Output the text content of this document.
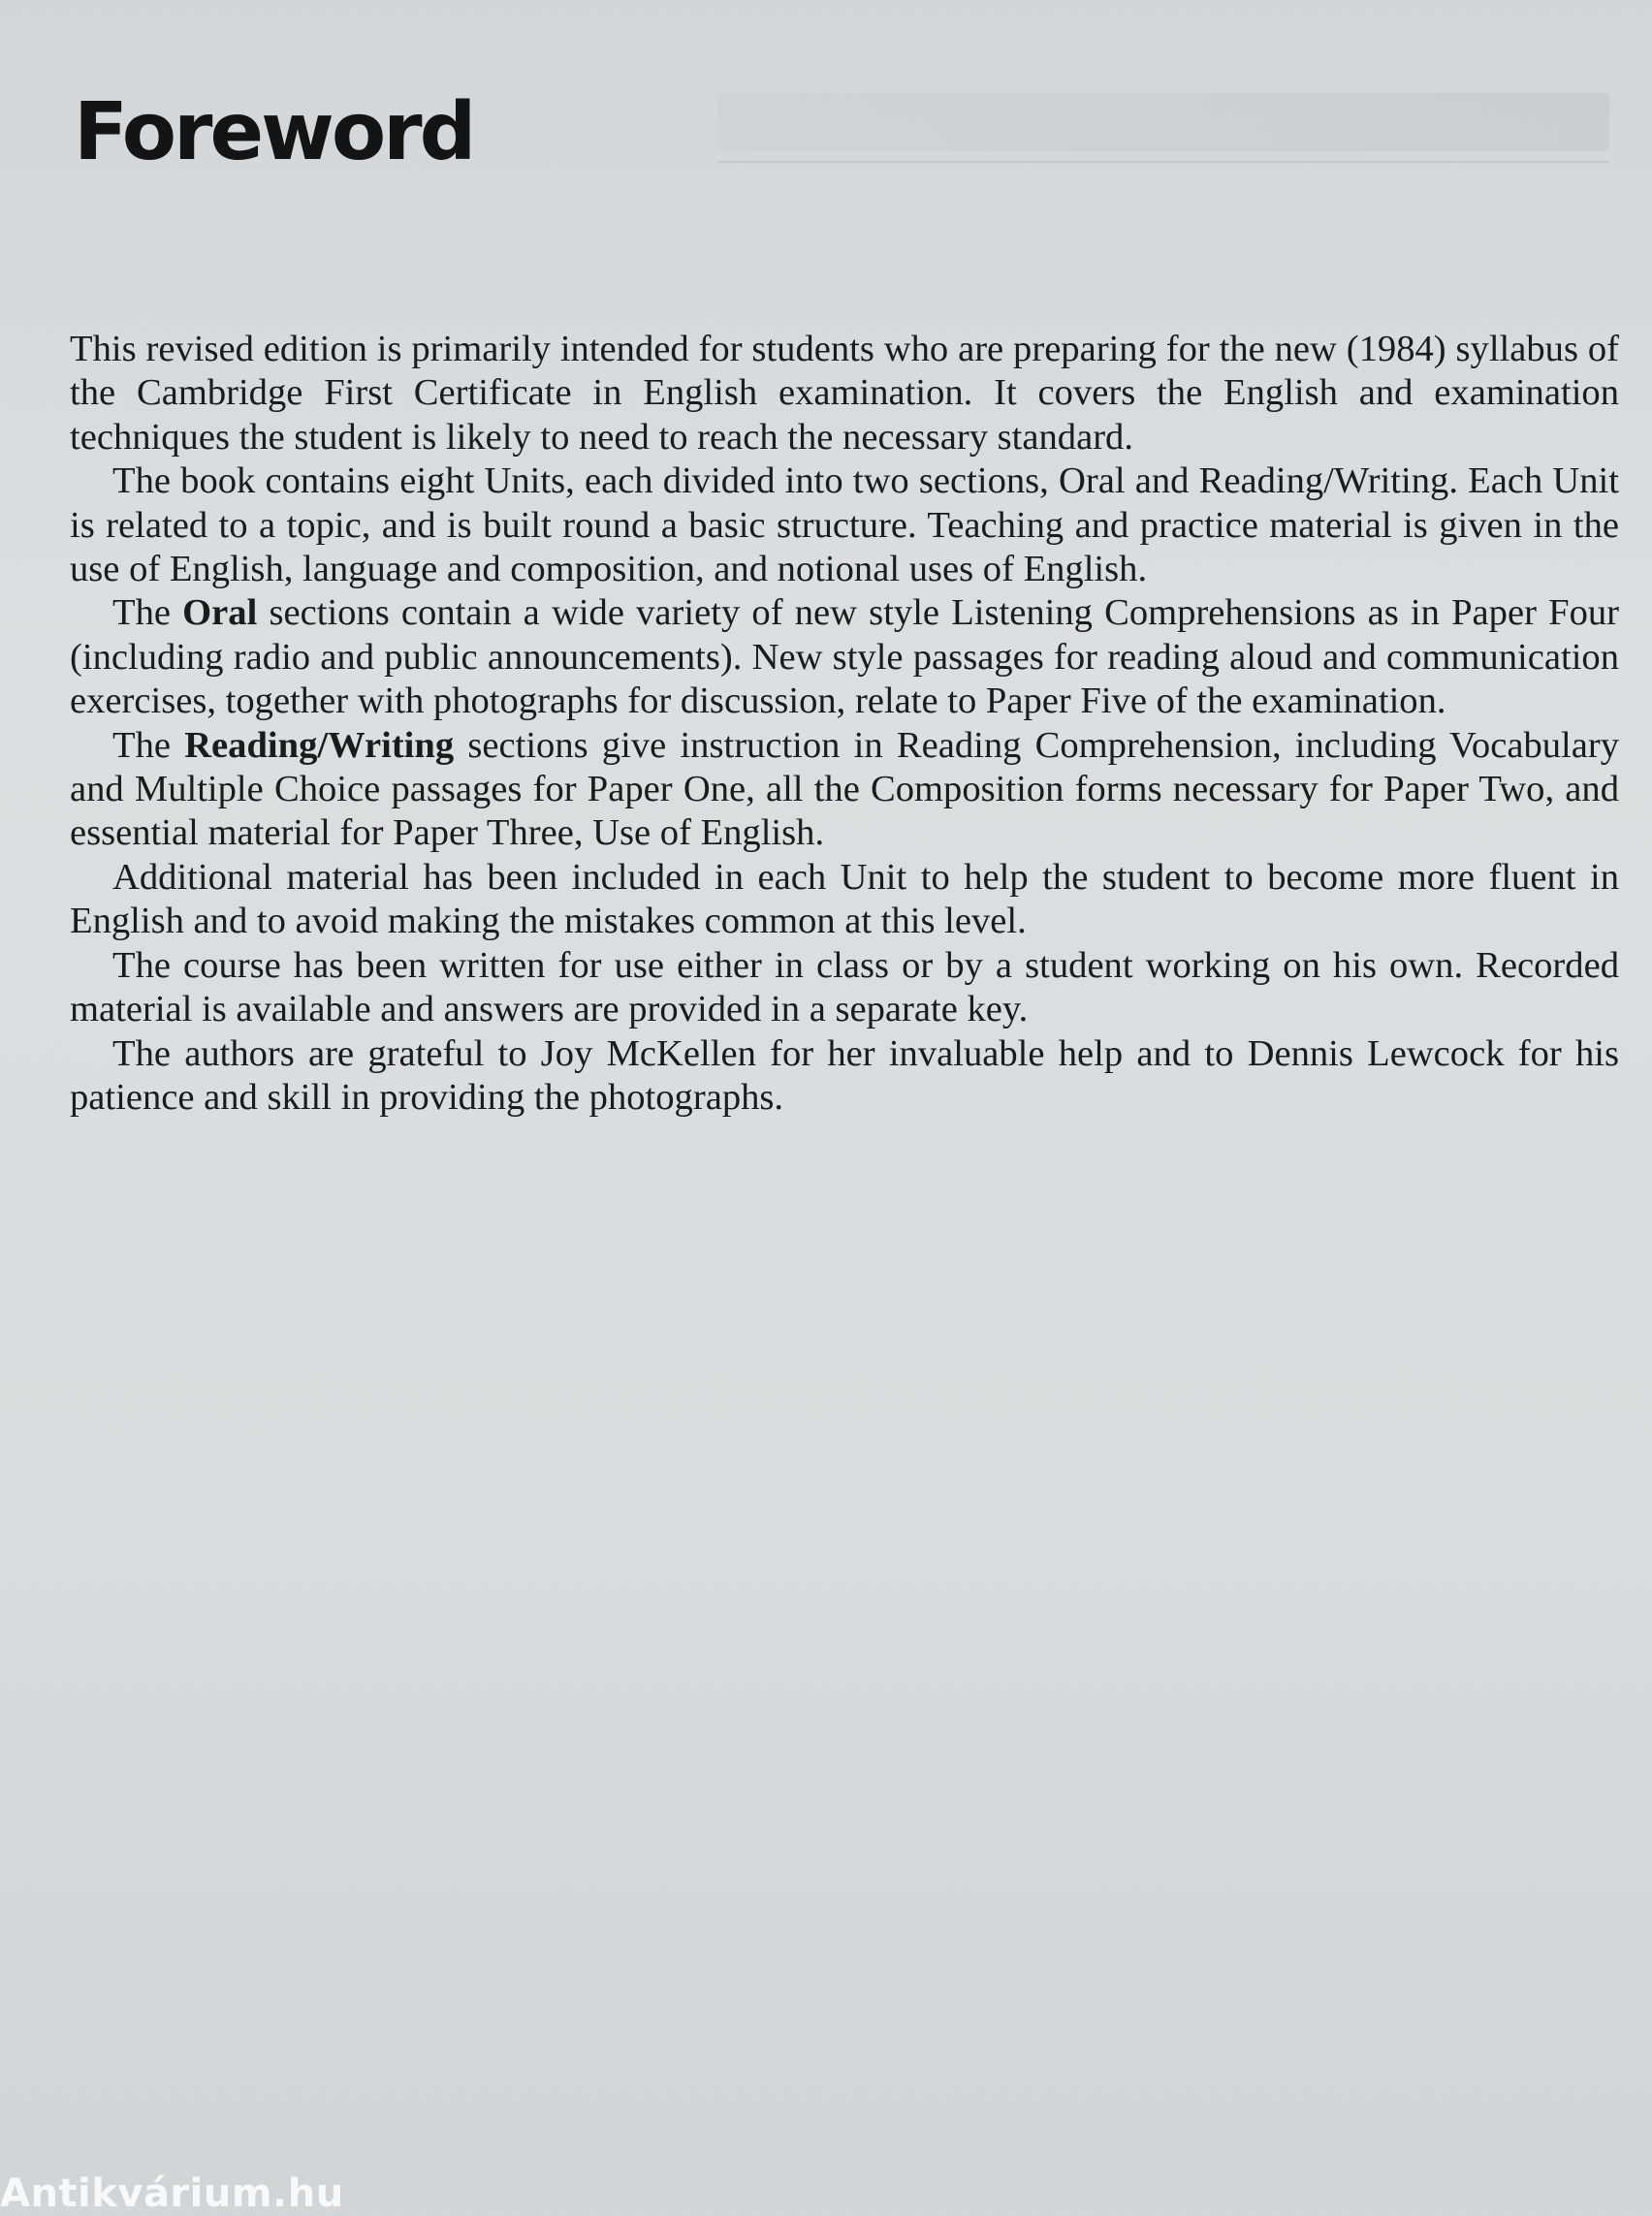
Foreword

This revised edition is primarily intended for students who are preparing for the new (1984) syllabus of the Cambridge First Certificate in English examination. It covers the English and examination techniques the student is likely to need to reach the necessary standard.

The book contains eight Units, each divided into two sections, Oral and Reading/Writing. Each Unit is related to a topic, and is built round a basic structure. Teaching and practice material is given in the use of English, language and composition, and notional uses of English.

The Oral sections contain a wide variety of new style Listening Comprehensions as in Paper Four (including radio and public announcements). New style passages for reading aloud and communication exercises, together with photographs for discussion, relate to Paper Five of the examination.

The Reading/Writing sections give instruction in Reading Comprehension, including Vocabulary and Multiple Choice passages for Paper One, all the Composition forms necessary for Paper Two, and essential material for Paper Three, Use of English.

Additional material has been included in each Unit to help the student to become more fluent in English and to avoid making the mistakes common at this level.

The course has been written for use either in class or by a student working on his own. Recorded material is available and answers are provided in a separate key.

The authors are grateful to Joy McKellen for her invaluable help and to Dennis Lewcock for his patience and skill in providing the photographs.

Antikvárium.hu
